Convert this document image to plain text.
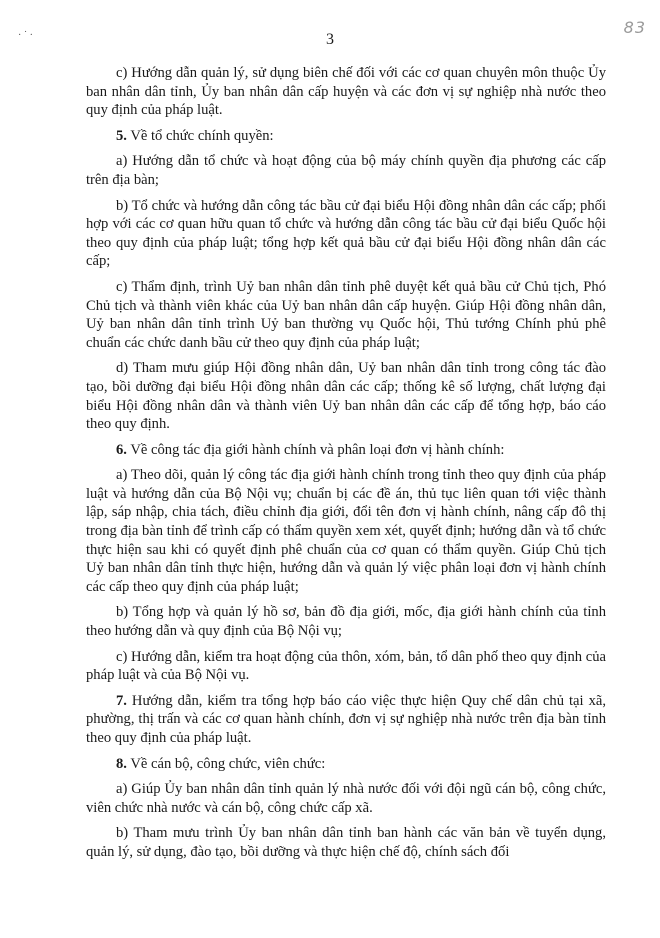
· ˙ ·	3
83

c) Hướng dẫn quản lý, sử dụng biên chế đối với các cơ quan chuyên môn thuộc Ủy ban nhân dân tỉnh, Ủy ban nhân dân cấp huyện và các đơn vị sự nghiệp nhà nước theo quy định của pháp luật.

5. Về tổ chức chính quyền:

a) Hướng dẫn tổ chức và hoạt động của bộ máy chính quyền địa phương các cấp trên địa bàn;

b) Tổ chức và hướng dẫn công tác bầu cử đại biểu Hội đồng nhân dân các cấp; phối hợp với các cơ quan hữu quan tổ chức và hướng dẫn công tác bầu cử đại biểu Quốc hội theo quy định của pháp luật; tổng hợp kết quả bầu cử đại biểu Hội đồng nhân dân các cấp;

c) Thẩm định, trình Uỷ ban nhân dân tỉnh phê duyệt kết quả bầu cử Chủ tịch, Phó Chủ tịch và thành viên khác của Uỷ ban nhân dân cấp huyện. Giúp Hội đồng nhân dân, Uỷ ban nhân dân tỉnh trình Uỷ ban thường vụ Quốc hội, Thủ tướng Chính phủ phê chuẩn các chức danh bầu cử theo quy định của pháp luật;

d) Tham mưu giúp Hội đồng nhân dân, Uỷ ban nhân dân tỉnh trong công tác đào tạo, bồi dưỡng đại biểu Hội đồng nhân dân các cấp; thống kê số lượng, chất lượng đại biểu Hội đồng nhân dân và thành viên Uỷ ban nhân dân các cấp để tổng hợp, báo cáo theo quy định.

6. Về công tác địa giới hành chính và phân loại đơn vị hành chính:

a) Theo dõi, quản lý công tác địa giới hành chính trong tỉnh theo quy định của pháp luật và hướng dẫn của Bộ Nội vụ; chuẩn bị các đề án, thủ tục liên quan tới việc thành lập, sáp nhập, chia tách, điều chỉnh địa giới, đổi tên đơn vị hành chính, nâng cấp đô thị trong địa bàn tỉnh để trình cấp có thẩm quyền xem xét, quyết định; hướng dẫn và tổ chức thực hiện sau khi có quyết định phê chuẩn của cơ quan có thẩm quyền. Giúp Chủ tịch Uỷ ban nhân dân tỉnh thực hiện, hướng dẫn và quản lý việc phân loại đơn vị hành chính các cấp theo quy định của pháp luật;

b) Tổng hợp và quản lý hồ sơ, bản đồ địa giới, mốc, địa giới hành chính của tỉnh theo hướng dẫn và quy định của Bộ Nội vụ;

c) Hướng dẫn, kiểm tra hoạt động của thôn, xóm, bản, tổ dân phố theo quy định của pháp luật và của Bộ Nội vụ.

7. Hướng dẫn, kiểm tra tổng hợp báo cáo việc thực hiện Quy chế dân chủ tại xã, phường, thị trấn và các cơ quan hành chính, đơn vị sự nghiệp nhà nước trên địa bàn tỉnh theo quy định của pháp luật.

8. Về cán bộ, công chức, viên chức:

a) Giúp Ủy ban nhân dân tỉnh quản lý nhà nước đối với đội ngũ cán bộ, công chức, viên chức nhà nước và cán bộ, công chức cấp xã.

b) Tham mưu trình Ủy ban nhân dân tỉnh ban hành các văn bản về tuyển dụng, quản lý, sử dụng, đào tạo, bồi dưỡng và thực hiện chế độ, chính sách đối
